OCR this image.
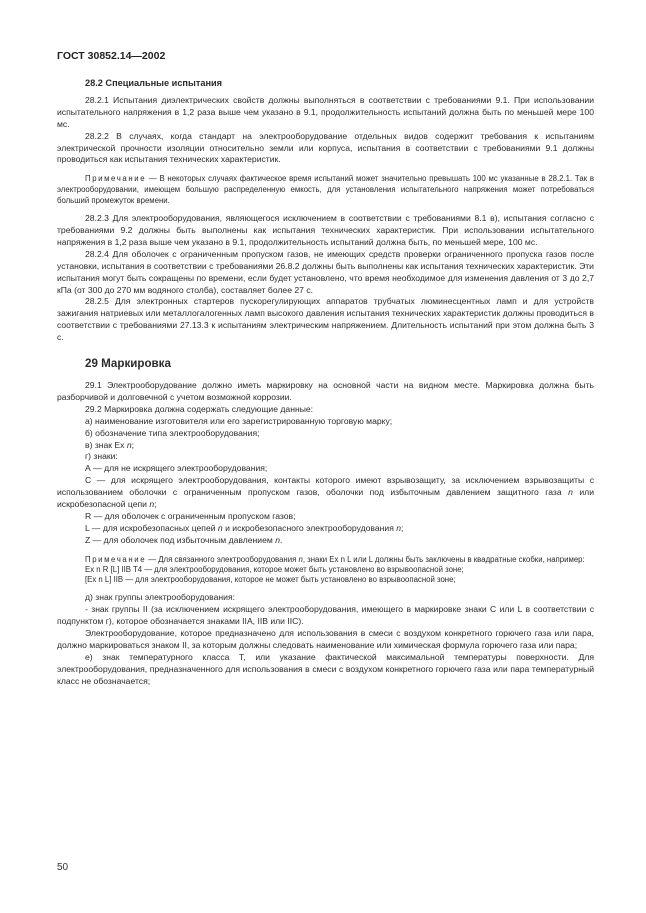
ГОСТ 30852.14—2002
28.2 Специальные испытания

28.2.1 Испытания диэлектрических свойств должны выполняться в соответствии с требованиями 9.1. При использовании испытательного напряжения в 1,2 раза выше чем указано в 9.1, продолжительность испытаний должна быть по меньшей мере 100 мс.

28.2.2 В случаях, когда стандарт на электрооборудование отдельных видов содержит требования к испытаниям электрической прочности изоляции относительно земли или корпуса, испытания в соответствии с требованиями 9.1 должны проводиться как испытания технических характеристик.

Примечание — В некоторых случаях фактическое время испытаний может значительно превышать 100 мс указанные в 28.2.1. Так в электрооборудовании, имеющем большую распределенную емкость, для установления испытательного напряжения может потребоваться больший промежуток времени.

28.2.3 Для электрооборудования, являющегося исключением в соответствии с требованиями 8.1 в), испытания согласно с требованиями 9.2 должны быть выполнены как испытания технических характеристик. При использовании испытательного напряжения в 1,2 раза выше чем указано в 9.1, продолжительность испытаний должна быть, по меньшей мере, 100 мс.

28.2.4 Для оболочек с ограниченным пропуском газов, не имеющих средств проверки ограниченного пропуска газов после установки, испытания в соответствии с требованиями 26.8.2 должны быть выполнены как испытания технических характеристик. Эти испытания могут быть сокращены по времени, если будет установлено, что время необходимое для изменения давления от 3 до 2,7 кПа (от 300 до 270 мм водяного столба), составляет более 27 с.

28.2.5 Для электронных стартеров пускорегулирующих аппаратов трубчатых люминесцентных ламп и для устройств зажигания натриевых или металлогалогенных ламп высокого давления испытания технических характеристик должны проводиться в соответствии с требованиями 27.13.3 к испытаниям электрическим напряжением. Длительность испытаний при этом должна быть 3 с.

29 Маркировка

29.1 Электрооборудование должно иметь маркировку на основной части на видном месте. Маркировка должна быть разборчивой и долговечной с учетом возможной коррозии.

29.2 Маркировка должна содержать следующие данные:

а) наименование изготовителя или его зарегистрированную торговую марку;

б) обозначение типа электрооборудования;

в) знак Ex n;

г) знаки:

А — для не искрящего электрооборудования;

С — для искрящего электрооборудования, контакты которого имеют взрывозащиту, за исключением взрывозащиты с использованием оболочки с ограниченным пропуском газов, оболочки под избыточным давлением защитного газа n или искробезопасной цепи n;

R — для оболочек с ограниченным пропуском газов;

L — для искробезопасных цепей n и искробезопасного электрооборудования n;

Z — для оболочек под избыточным давлением n.

Примечание — Для связанного электрооборудования n, знаки Ex n L или L должны быть заключены в квадратные скобки, например:

Ex n R [L] IIB T4 — для электрооборудования, которое может быть установлено во взрывоопасной зоне;

[Ex n L] IIB — для электрооборудования, которое не может быть установлено во взрывоопасной зоне;

д) знак группы электрооборудования:

- знак группы II (за исключением искрящего электрооборудования, имеющего в маркировке знаки С или L в соответствии с подпунктом г), которое обозначается знаками IIA, IIB или IIC).

Электрооборудование, которое предназначено для использования в смеси с воздухом конкретного горючего газа или пара, должно маркироваться знаком II, за которым должны следовать наименование или химическая формула горючего газа или пара;

е) знак температурного класса Т, или указание фактической максимальной температуры поверхности. Для электрооборудования, предназначенного для использования в смеси с воздухом конкретного горючего газа или пара температурный класс не обозначается;

50
